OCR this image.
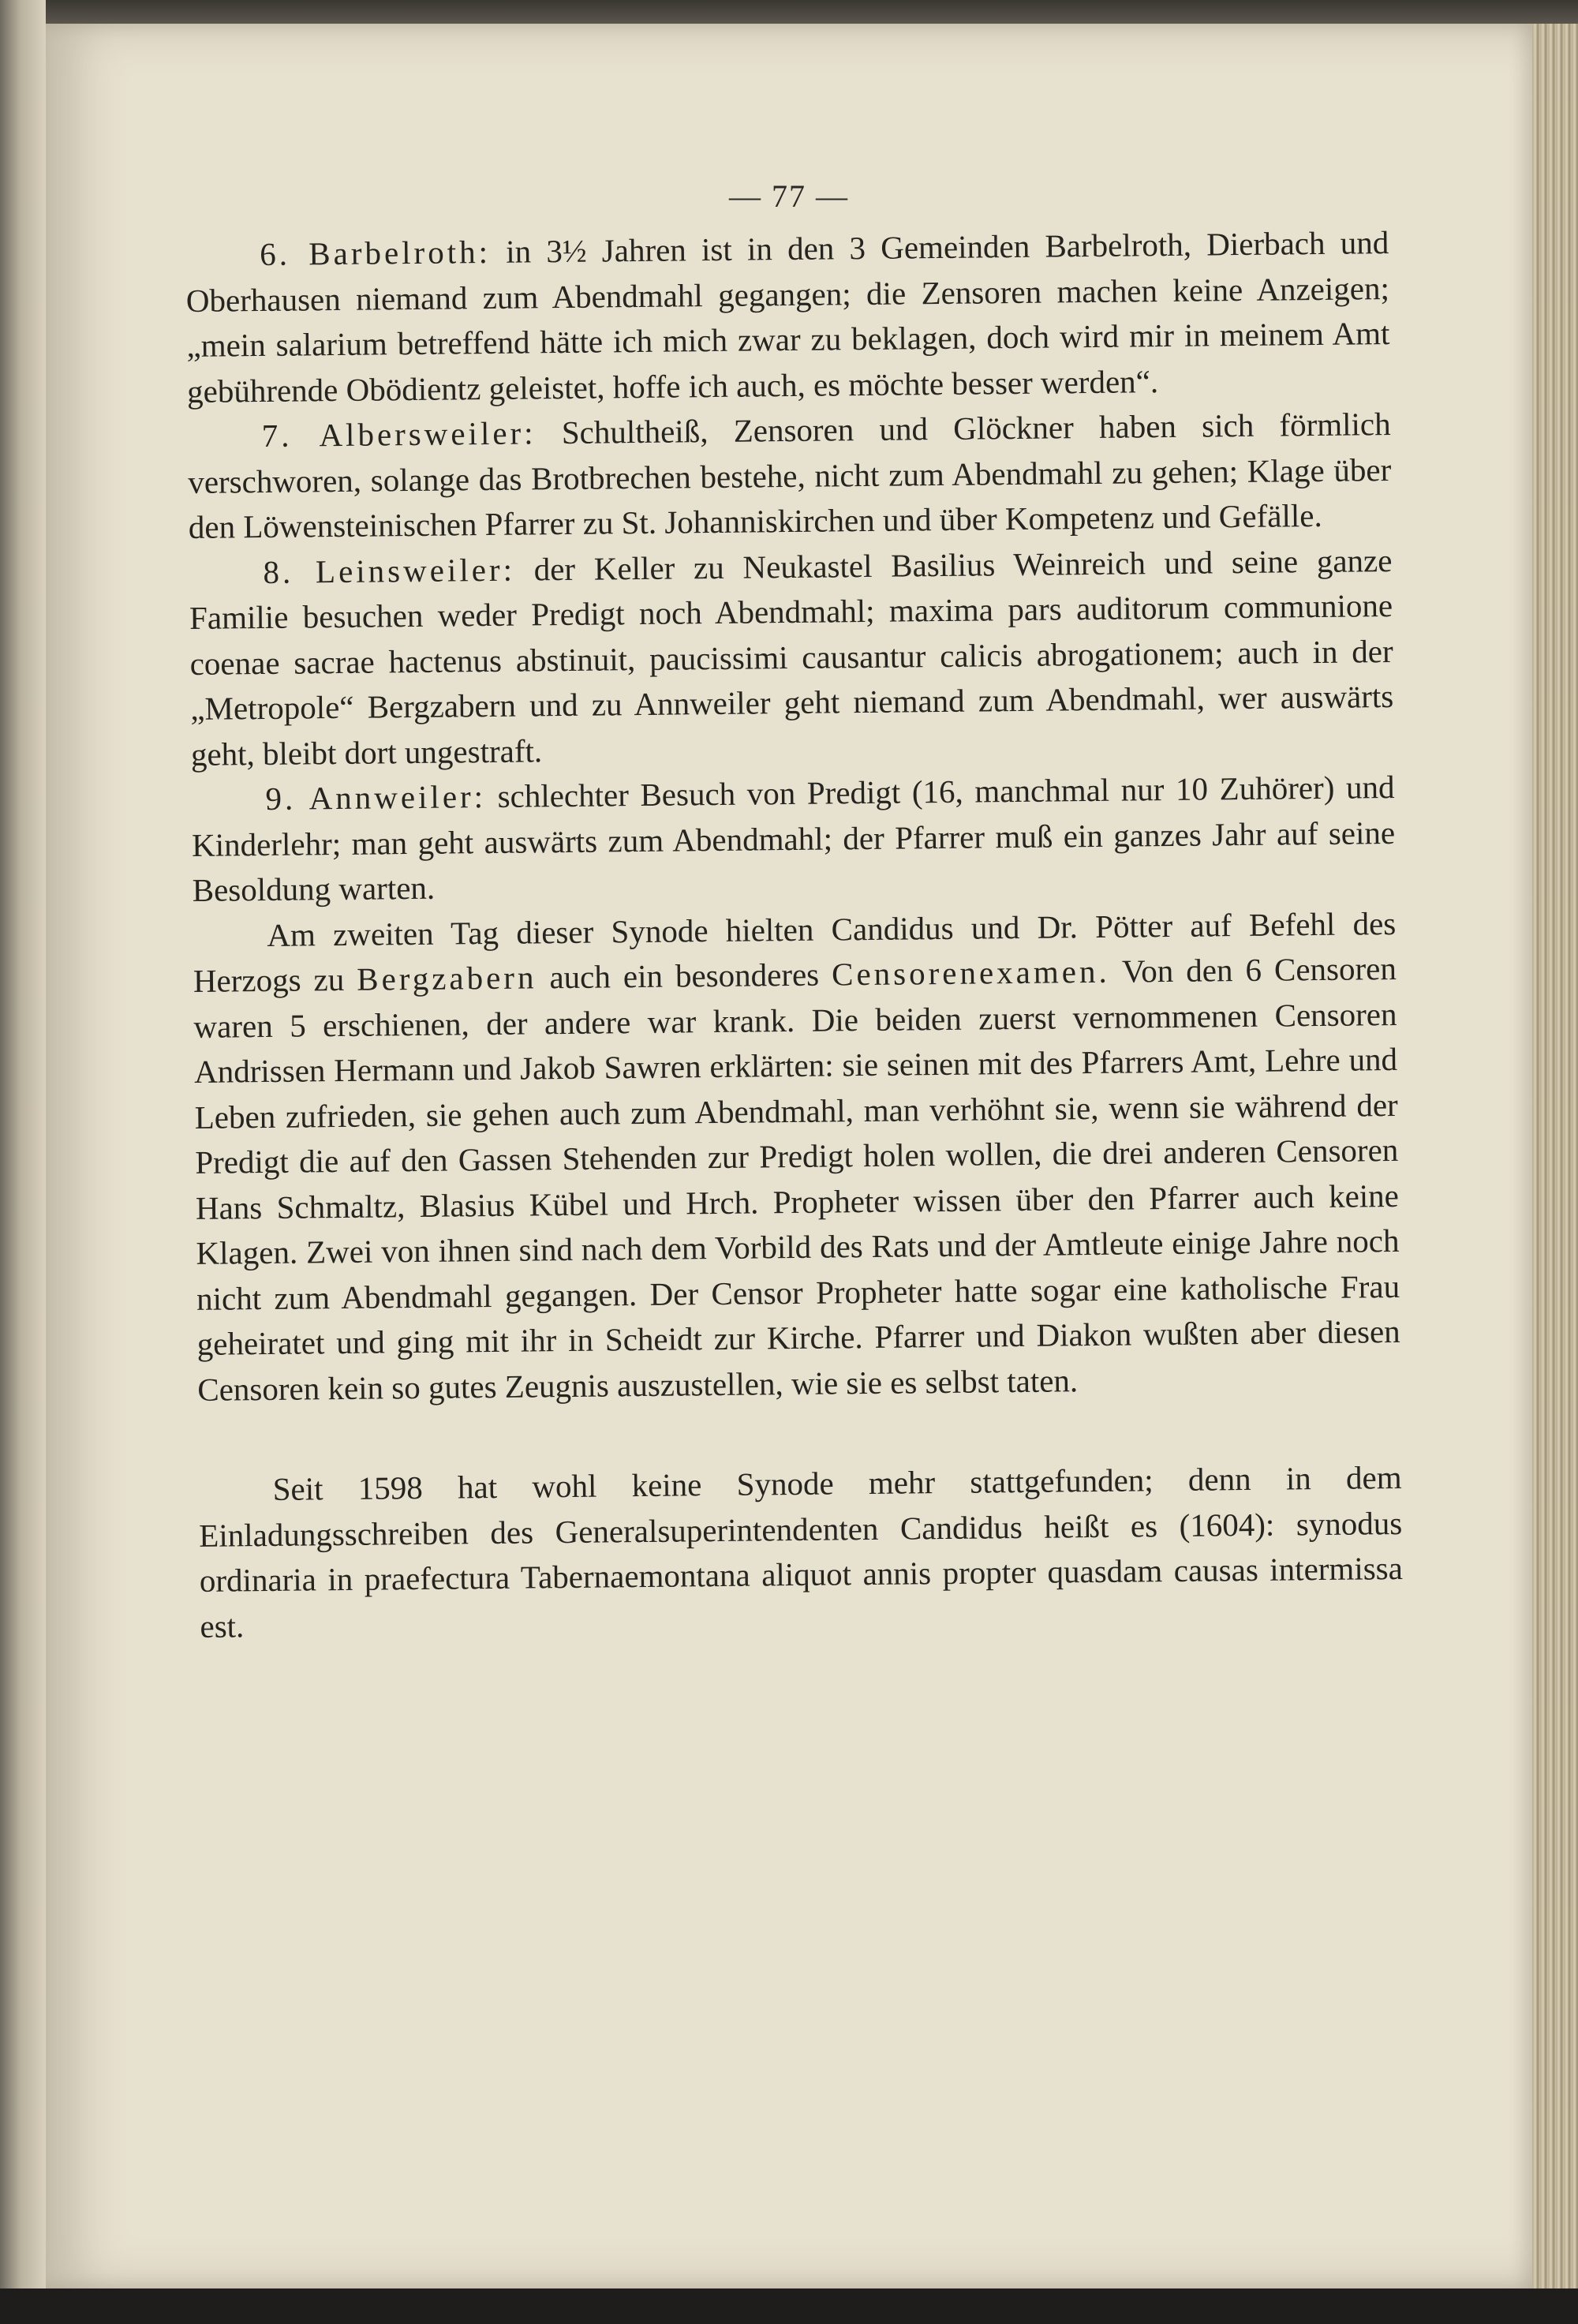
— 77 —

6. Barbelroth: in 3½ Jahren ist in den 3 Gemeinden Barbelroth, Dierbach und Oberhausen niemand zum Abendmahl gegangen; die Zensoren machen keine Anzeigen; „mein salarium betreffend hätte ich mich zwar zu beklagen, doch wird mir in meinem Amt gebührende Obödientz geleistet, hoffe ich auch, es möchte besser werden“.

7. Albersweiler: Schultheiß, Zensoren und Glöckner haben sich förmlich verschworen, solange das Brotbrechen bestehe, nicht zum Abendmahl zu gehen; Klage über den Löwensteinischen Pfarrer zu St. Johanniskirchen und über Kompetenz und Gefälle.

8. Leinsweiler: der Keller zu Neukastel Basilius Weinreich und seine ganze Familie besuchen weder Predigt noch Abendmahl; maxima pars auditorum communione coenae sacrae hactenus abstinuit, paucissimi causantur calicis abrogationem; auch in der „Metropole“ Bergzabern und zu Annweiler geht niemand zum Abendmahl, wer auswärts geht, bleibt dort ungestraft.

9. Annweiler: schlechter Besuch von Predigt (16, manchmal nur 10 Zuhörer) und Kinderlehr; man geht auswärts zum Abendmahl; der Pfarrer muß ein ganzes Jahr auf seine Besoldung warten.

Am zweiten Tag dieser Synode hielten Candidus und Dr. Pötter auf Befehl des Herzogs zu Bergzabern auch ein besonderes Censorenexamen. Von den 6 Censoren waren 5 erschienen, der andere war krank. Die beiden zuerst vernommenen Censoren Andrissen Hermann und Jakob Sawren erklärten: sie seinen mit des Pfarrers Amt, Lehre und Leben zufrieden, sie gehen auch zum Abendmahl, man verhöhnt sie, wenn sie während der Predigt die auf den Gassen Stehenden zur Predigt holen wollen, die drei anderen Censoren Hans Schmaltz, Blasius Kübel und Hrch. Propheter wissen über den Pfarrer auch keine Klagen. Zwei von ihnen sind nach dem Vorbild des Rats und der Amtleute einige Jahre noch nicht zum Abendmahl gegangen. Der Censor Propheter hatte sogar eine katholische Frau geheiratet und ging mit ihr in Scheidt zur Kirche. Pfarrer und Diakon wußten aber diesen Censoren kein so gutes Zeugnis auszustellen, wie sie es selbst taten.

Seit 1598 hat wohl keine Synode mehr stattgefunden; denn in dem Einladungsschreiben des Generalsuperintendenten Candidus heißt es (1604): synodus ordinaria in praefectura Tabernaemontana aliquot annis propter quasdam causas intermissa est.
